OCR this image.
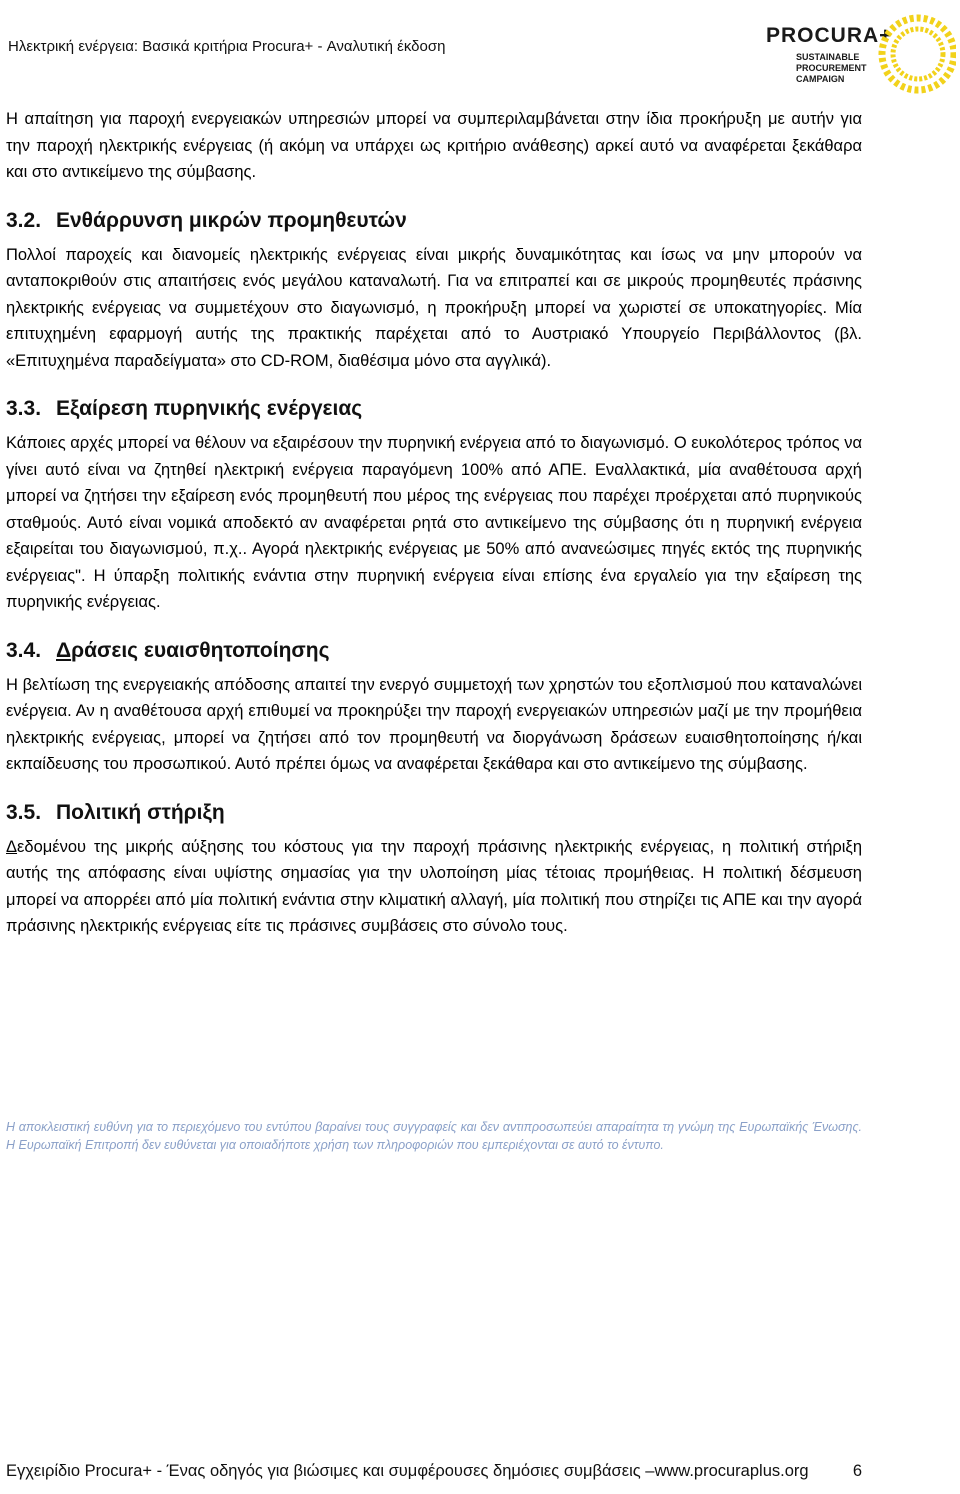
Ηλεκτρική ενέργεια: Βασικά κριτήρια Procura+ - Αναλυτική έκδοση	PROCURA+
SUSTAINABLE
PROCUREMENT
CAMPAIGN

Η απαίτηση για παροχή ενεργειακών υπηρεσιών μπορεί να συμπεριλαμβάνεται στην ίδια προκήρυξη με αυτήν για την παροχή ηλεκτρικής ενέργειας (ή ακόμη να υπάρχει ως κριτήριο ανάθεσης) αρκεί αυτό να αναφέρεται ξεκάθαρα και στο αντικείμενο της σύμβασης.

3.2. Ενθάρρυνση μικρών προμηθευτών

Πολλοί παροχείς και διανομείς ηλεκτρικής ενέργειας είναι μικρής δυναμικότητας και ίσως να μην μπορούν να ανταποκριθούν στις απαιτήσεις ενός μεγάλου καταναλωτή. Για να επιτραπεί και σε μικρούς προμηθευτές πράσινης ηλεκτρικής ενέργειας να συμμετέχουν στο διαγωνισμό, η προκήρυξη μπορεί να χωριστεί σε υποκατηγορίες. Μία επιτυχημένη εφαρμογή αυτής της πρακτικής παρέχεται από το Αυστριακό Υπουργείο Περιβάλλοντος (βλ. «Επιτυχημένα παραδείγματα» στο CD-ROM, διαθέσιμα μόνο στα αγγλικά).

3.3. Εξαίρεση πυρηνικής ενέργειας

Κάποιες αρχές μπορεί να θέλουν να εξαιρέσουν την πυρηνική ενέργεια από το διαγωνισμό. Ο ευκολότερος τρόπος να γίνει αυτό είναι να ζητηθεί ηλεκτρική ενέργεια παραγόμενη 100% από ΑΠΕ. Εναλλακτικά, μία αναθέτουσα αρχή μπορεί να ζητήσει την εξαίρεση ενός προμηθευτή που μέρος της ενέργειας που παρέχει προέρχεται από πυρηνικούς σταθμούς. Αυτό είναι νομικά αποδεκτό αν αναφέρεται ρητά στο αντικείμενο της σύμβασης ότι η πυρηνική ενέργεια εξαιρείται του διαγωνισμού, π.χ.. Αγορά ηλεκτρικής ενέργειας με 50% από ανανεώσιμες πηγές εκτός της πυρηνικής ενέργειας". Η ύπαρξη πολιτικής ενάντια στην πυρηνική ενέργεια είναι επίσης ένα εργαλείο για την εξαίρεση της πυρηνικής ενέργειας.

3.4. Δράσεις ευαισθητοποίησης

Η βελτίωση της ενεργειακής απόδοσης απαιτεί την ενεργό συμμετοχή των χρηστών του εξοπλισμού που καταναλώνει ενέργεια. Αν η αναθέτουσα αρχή επιθυμεί να προκηρύξει την παροχή ενεργειακών υπηρεσιών μαζί με την προμήθεια ηλεκτρικής ενέργειας, μπορεί να ζητήσει από τον προμηθευτή να διοργάνωση δράσεων ευαισθητοποίησης ή/και εκπαίδευσης του προσωπικού. Αυτό πρέπει όμως να αναφέρεται ξεκάθαρα και στο αντικείμενο της σύμβασης.

3.5. Πολιτική στήριξη

Δεδομένου της μικρής αύξησης του κόστους για την παροχή πράσινης ηλεκτρικής ενέργειας, η πολιτική στήριξη αυτής της απόφασης είναι υψίστης σημασίας για την υλοποίηση μίας τέτοιας προμήθειας. Η πολιτική δέσμευση μπορεί να απορρέει από μία πολιτική ενάντια στην κλιματική αλλαγή, μία πολιτική που στηρίζει τις ΑΠΕ και την αγορά πράσινης ηλεκτρικής ενέργειας είτε τις πράσινες συμβάσεις στο σύνολο τους.

Η αποκλειστική ευθύνη για το περιεχόμενο του εντύπου βαραίνει τους συγγραφείς και δεν αντιπροσωπεύει απαραίτητα τη γνώμη της Ευρωπαϊκής Ένωσης. Η Ευρωπαϊκή Επιτροπή δεν ευθύνεται για οποιαδήποτε χρήση των πληροφοριών που εμπεριέχονται σε αυτό το έντυπο.
Εγχειρίδιο Procura+ - Ένας οδηγός για βιώσιμες και συμφέρουσες δημόσιες συμβάσεις –www.procuraplus.org	6
